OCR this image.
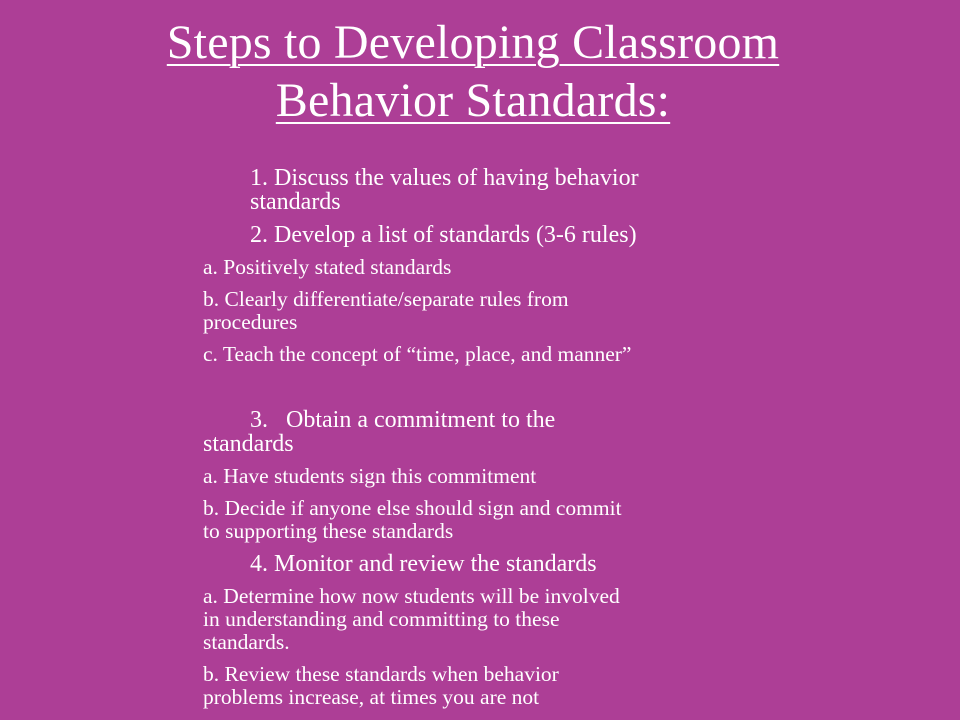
Steps to Developing Classroom
Behavior Standards:
1. Discuss the values of having behavior
standards
2. Develop a list of standards (3-6 rules)
a. Positively stated standards
b. Clearly differentiate/separate rules from
procedures
c. Teach the concept of “time, place, and manner”
3.   Obtain a commitment to the
standards
a. Have students sign this commitment
b. Decide if anyone else should sign and commit
to supporting these standards
4. Monitor and review the standards
a. Determine how now students will be involved
in understanding and committing to these
standards.
b. Review these standards when behavior
problems increase, at times you are not
